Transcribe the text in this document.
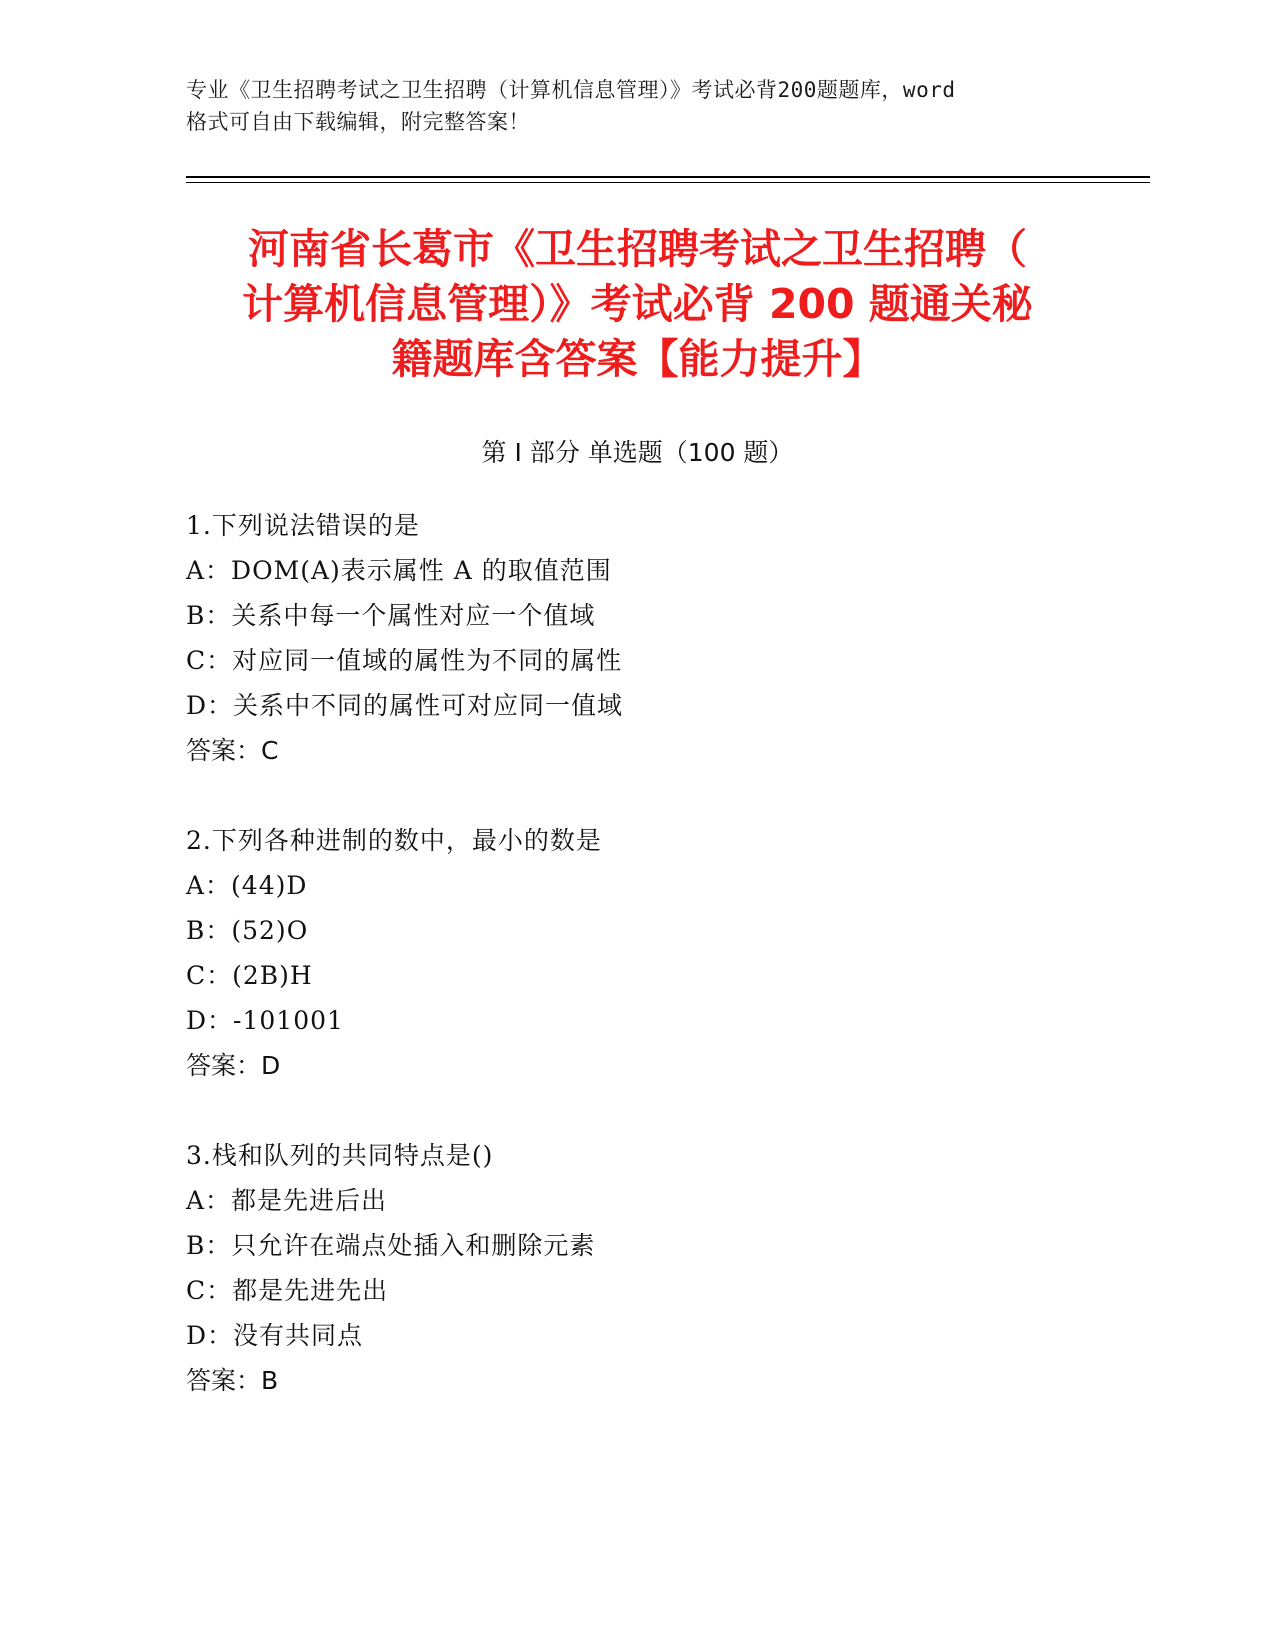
专业《卫生招聘考试之卫生招聘（计算机信息管理）》考试必背200题题库，word
格式可自由下载编辑，附完整答案！
河南省长葛市《卫生招聘考试之卫生招聘（
计算机信息管理）》考试必背 200 题通关秘
籍题库含答案【能力提升】
第 I 部分 单选题（100 题）
1.下列说法错误的是
A：DOM(A)表示属性 A 的取值范围
B：关系中每一个属性对应一个值域
C：对应同一值域的属性为不同的属性
D：关系中不同的属性可对应同一值域
答案：C
2.下列各种进制的数中，最小的数是
A：(44)D
B：(52)O
C：(2B)H
D：-101001
答案：D
3.栈和队列的共同特点是()
A：都是先进后出
B：只允许在端点处插入和删除元素
C：都是先进先出
D：没有共同点
答案：B
